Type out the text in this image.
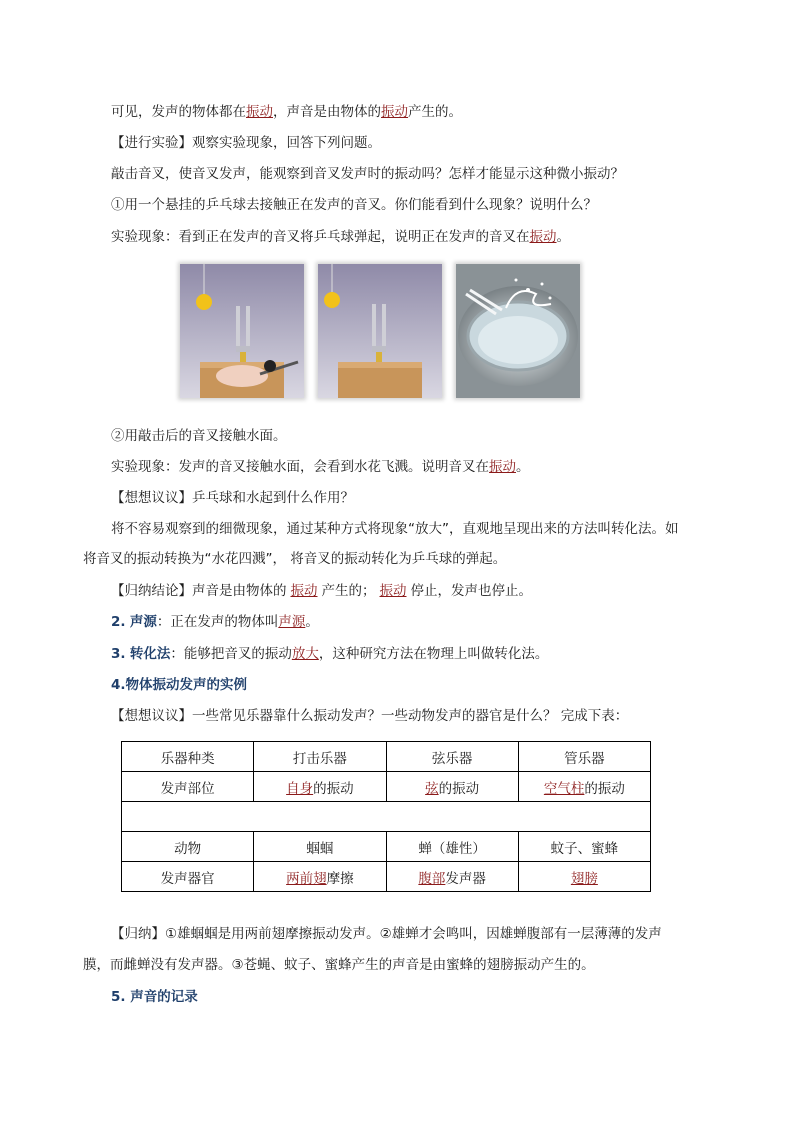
可见，发声的物体都在振动，声音是由物体的振动产生的。
【进行实验】观察实验现象，回答下列问题。
敲击音叉，使音叉发声，能观察到音叉发声时的振动吗？怎样才能显示这种微小振动？
①用一个悬挂的乒乓球去接触正在发声的音叉。你们能看到什么现象？说明什么？
实验现象：看到正在发声的音叉将乒乓球弹起，说明正在发声的音叉在振动。
②用敲击后的音叉接触水面。
实验现象：发声的音叉接触水面，会看到水花飞溅。说明音叉在振动。
【想想议议】乒乓球和水起到什么作用？
将不容易观察到的细微现象，通过某种方式将现象“放大”，直观地呈现出来的方法叫转化法。如
将音叉的振动转换为“水花四溅”， 将音叉的振动转化为乒乓球的弹起。
【归纳结论】声音是由物体的 振动 产生的； 振动 停止，发声也停止。
2. 声源：正在发声的物体叫声源。
3. 转化法：能够把音叉的振动放大，这种研究方法在物理上叫做转化法。
4.物体振动发声的实例
【想想议议】一些常见乐器靠什么振动发声？一些动物发声的器官是什么？ 完成下表：
乐器种类	打击乐器	弦乐器	管乐器
发声部位	自身的振动	弦的振动	空气柱的振动

动物	蝈蝈	蝉（雄性）	蚊子、蜜蜂
发声器官	两前翅摩擦	腹部发声器	翅膀
【归纳】①雄蝈蝈是用两前翅摩擦振动发声。②雄蝉才会鸣叫，因雄蝉腹部有一层薄薄的发声
膜，而雌蝉没有发声器。③苍蝇、蚊子、蜜蜂产生的声音是由蜜蜂的翅膀振动产生的。
5. 声音的记录
